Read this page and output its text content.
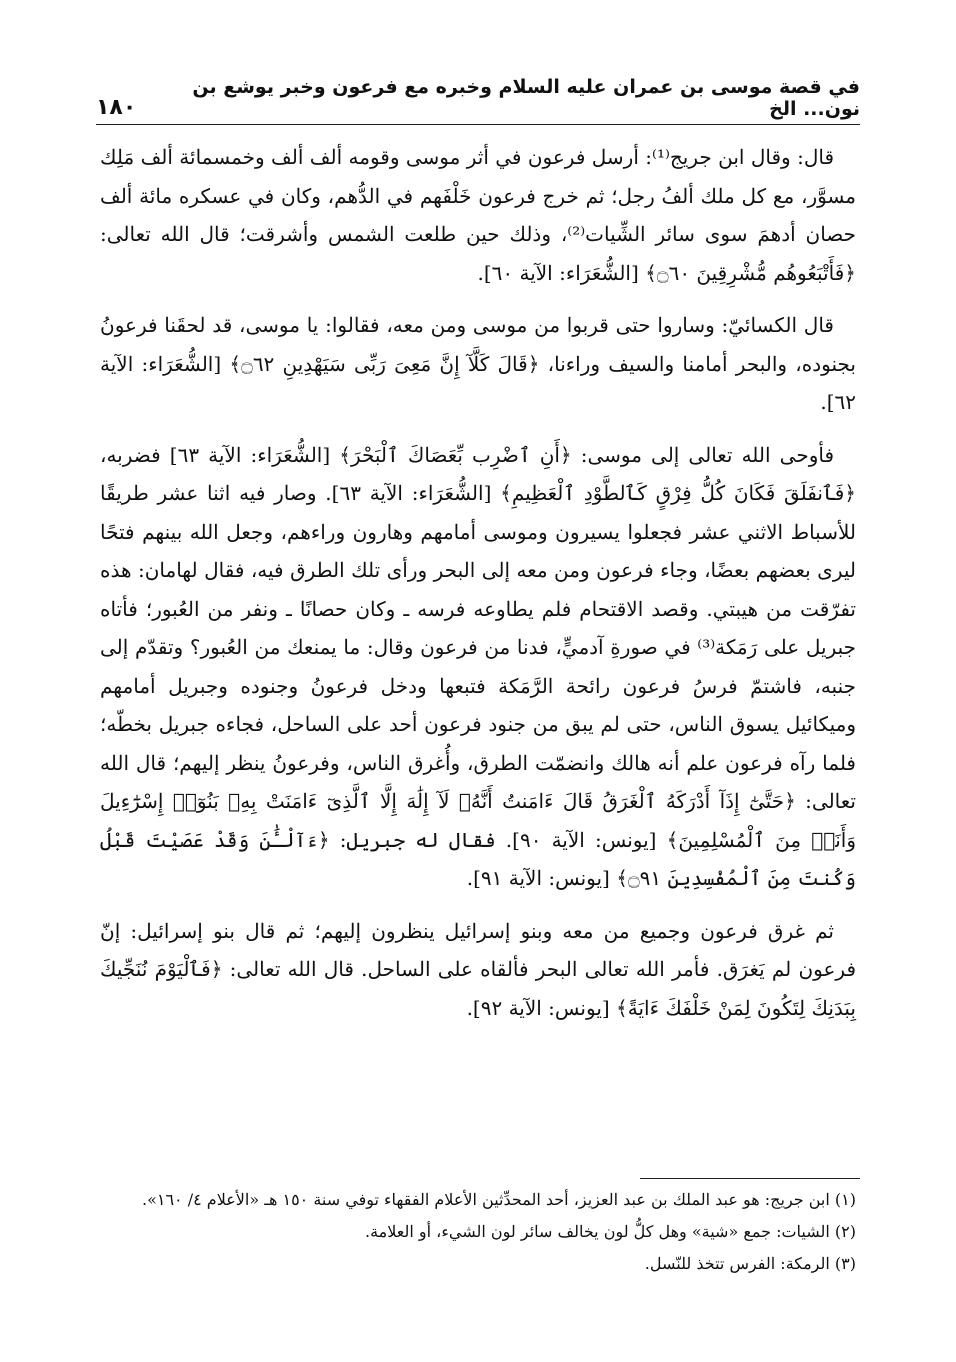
١٨٠
في قصة موسى بن عمران عليه السلام وخبره مع فرعون وخبر يوشع بن نون... الخ

قال: وقال ابن جريج⁽¹⁾: أرسل فرعون في أثر موسى وقومه ألف ألف وخمسمائة ألف مَلِك مسوَّر، مع كل ملك ألفُ رجل؛ ثم خرج فرعون خَلْفَهم في الدُّهم، وكان في عسكره مائة ألف حصان أدهمَ سوى سائر الشِّيات⁽²⁾، وذلك حين طلعت الشمس وأشرقت؛ قال الله تعالى: ﴿فَأَتْبَعُوهُم مُّشْرِقِينَ ۝٦٠﴾ [الشُّعَرَاء: الآية ٦٠].

قال الكسائيّ: وساروا حتى قربوا من موسى ومن معه، فقالوا: يا موسى، قد لحقَنا فرعونُ بجنوده، والبحر أمامنا والسيف وراءنا، ﴿قَالَ كَلَّآ إِنَّ مَعِىَ رَبِّى سَيَهْدِينِ ۝٦٢﴾ [الشُّعَرَاء: الآية ٦٢].

فأوحى الله تعالى إلى موسى: ﴿أَنِ ٱضْرِب بِّعَصَاكَ ٱلْبَحْرَ﴾ [الشُّعَرَاء: الآية ٦٣] فضربه، ﴿فَٱنفَلَقَ فَكَانَ كُلُّ فِرْقٍ كَٱلطَّوْدِ ٱلْعَظِيمِ﴾ [الشُّعَرَاء: الآية ٦٣]. وصار فيه اثنا عشر طريقًا للأسباط الاثني عشر فجعلوا يسيرون وموسى أمامهم وهارون وراءهم، وجعل الله بينهم فتحًا ليرى بعضهم بعضًا، وجاء فرعون ومن معه إلى البحر ورأى تلك الطرق فيه، فقال لهامان: هذه تفرّقت من هيبتي. وقصد الاقتحام فلم يطاوعه فرسه ـ وكان حصانًا ـ ونفر من العُبور؛ فأتاه جبريل على رَمَكة⁽³⁾ في صورةِ آدميٍّ، فدنا من فرعون وقال: ما يمنعك من العُبور؟ وتقدّم إلى جنبه، فاشتمّ فرسُ فرعون رائحة الرَّمَكة فتبعها ودخل فرعونُ وجنوده وجبريل أمامهم وميكائيل يسوق الناس، حتى لم يبق من جنود فرعون أحد على الساحل، فجاءه جبريل بخطّه؛ فلما رآه فرعون علم أنه هالك وانضمّت الطرق، وأُغرق الناس، وفرعونُ ينظر إليهم؛ قال الله تعالى: ﴿حَتَّىٰٓ إِذَآ أَدْرَكَهُ ٱلْغَرَقُ قَالَ ءَامَنتُ أَنَّهُۥ لَآ إِلَٰهَ إِلَّا ٱلَّذِىٓ ءَامَنَتْ بِهِۦ بَنُوٓا۟ إِسْرَٰٓءِيلَ وَأَنَا۠ مِنَ ٱلْمُسْلِمِينَ﴾ [يونس: الآية ٩٠]. فقال له جبريل: ﴿ءَآلْـَٰٔنَ وَقَدْ عَصَيْتَ قَبْلُ وَكُنتَ مِنَ ٱلْمُفْسِدِينَ ۝٩١﴾ [يونس: الآية ٩١].

ثم غرق فرعون وجميع من معه وبنو إسرائيل ينظرون إليهم؛ ثم قال بنو إسرائيل: إنّ فرعون لم يَغرَق. فأمر الله تعالى البحر فألقاه على الساحل. قال الله تعالى: ﴿فَٱلْيَوْمَ نُنَجِّيكَ بِبَدَنِكَ لِتَكُونَ لِمَنْ خَلْفَكَ ءَايَةً﴾ [يونس: الآية ٩٢].

(١) ابن جريج: هو عبد الملك بن عبد العزيز، أحد المحدِّثين الأعلام الفقهاء توفي سنة ١٥٠ هـ «الأعلام ٤/ ١٦٠».
(٢) الشيات: جمع «شية» وهل كلُّ لون يخالف سائر لون الشيء، أو العلامة.
(٣) الرمكة: الفرس تتخذ للنّسل.
